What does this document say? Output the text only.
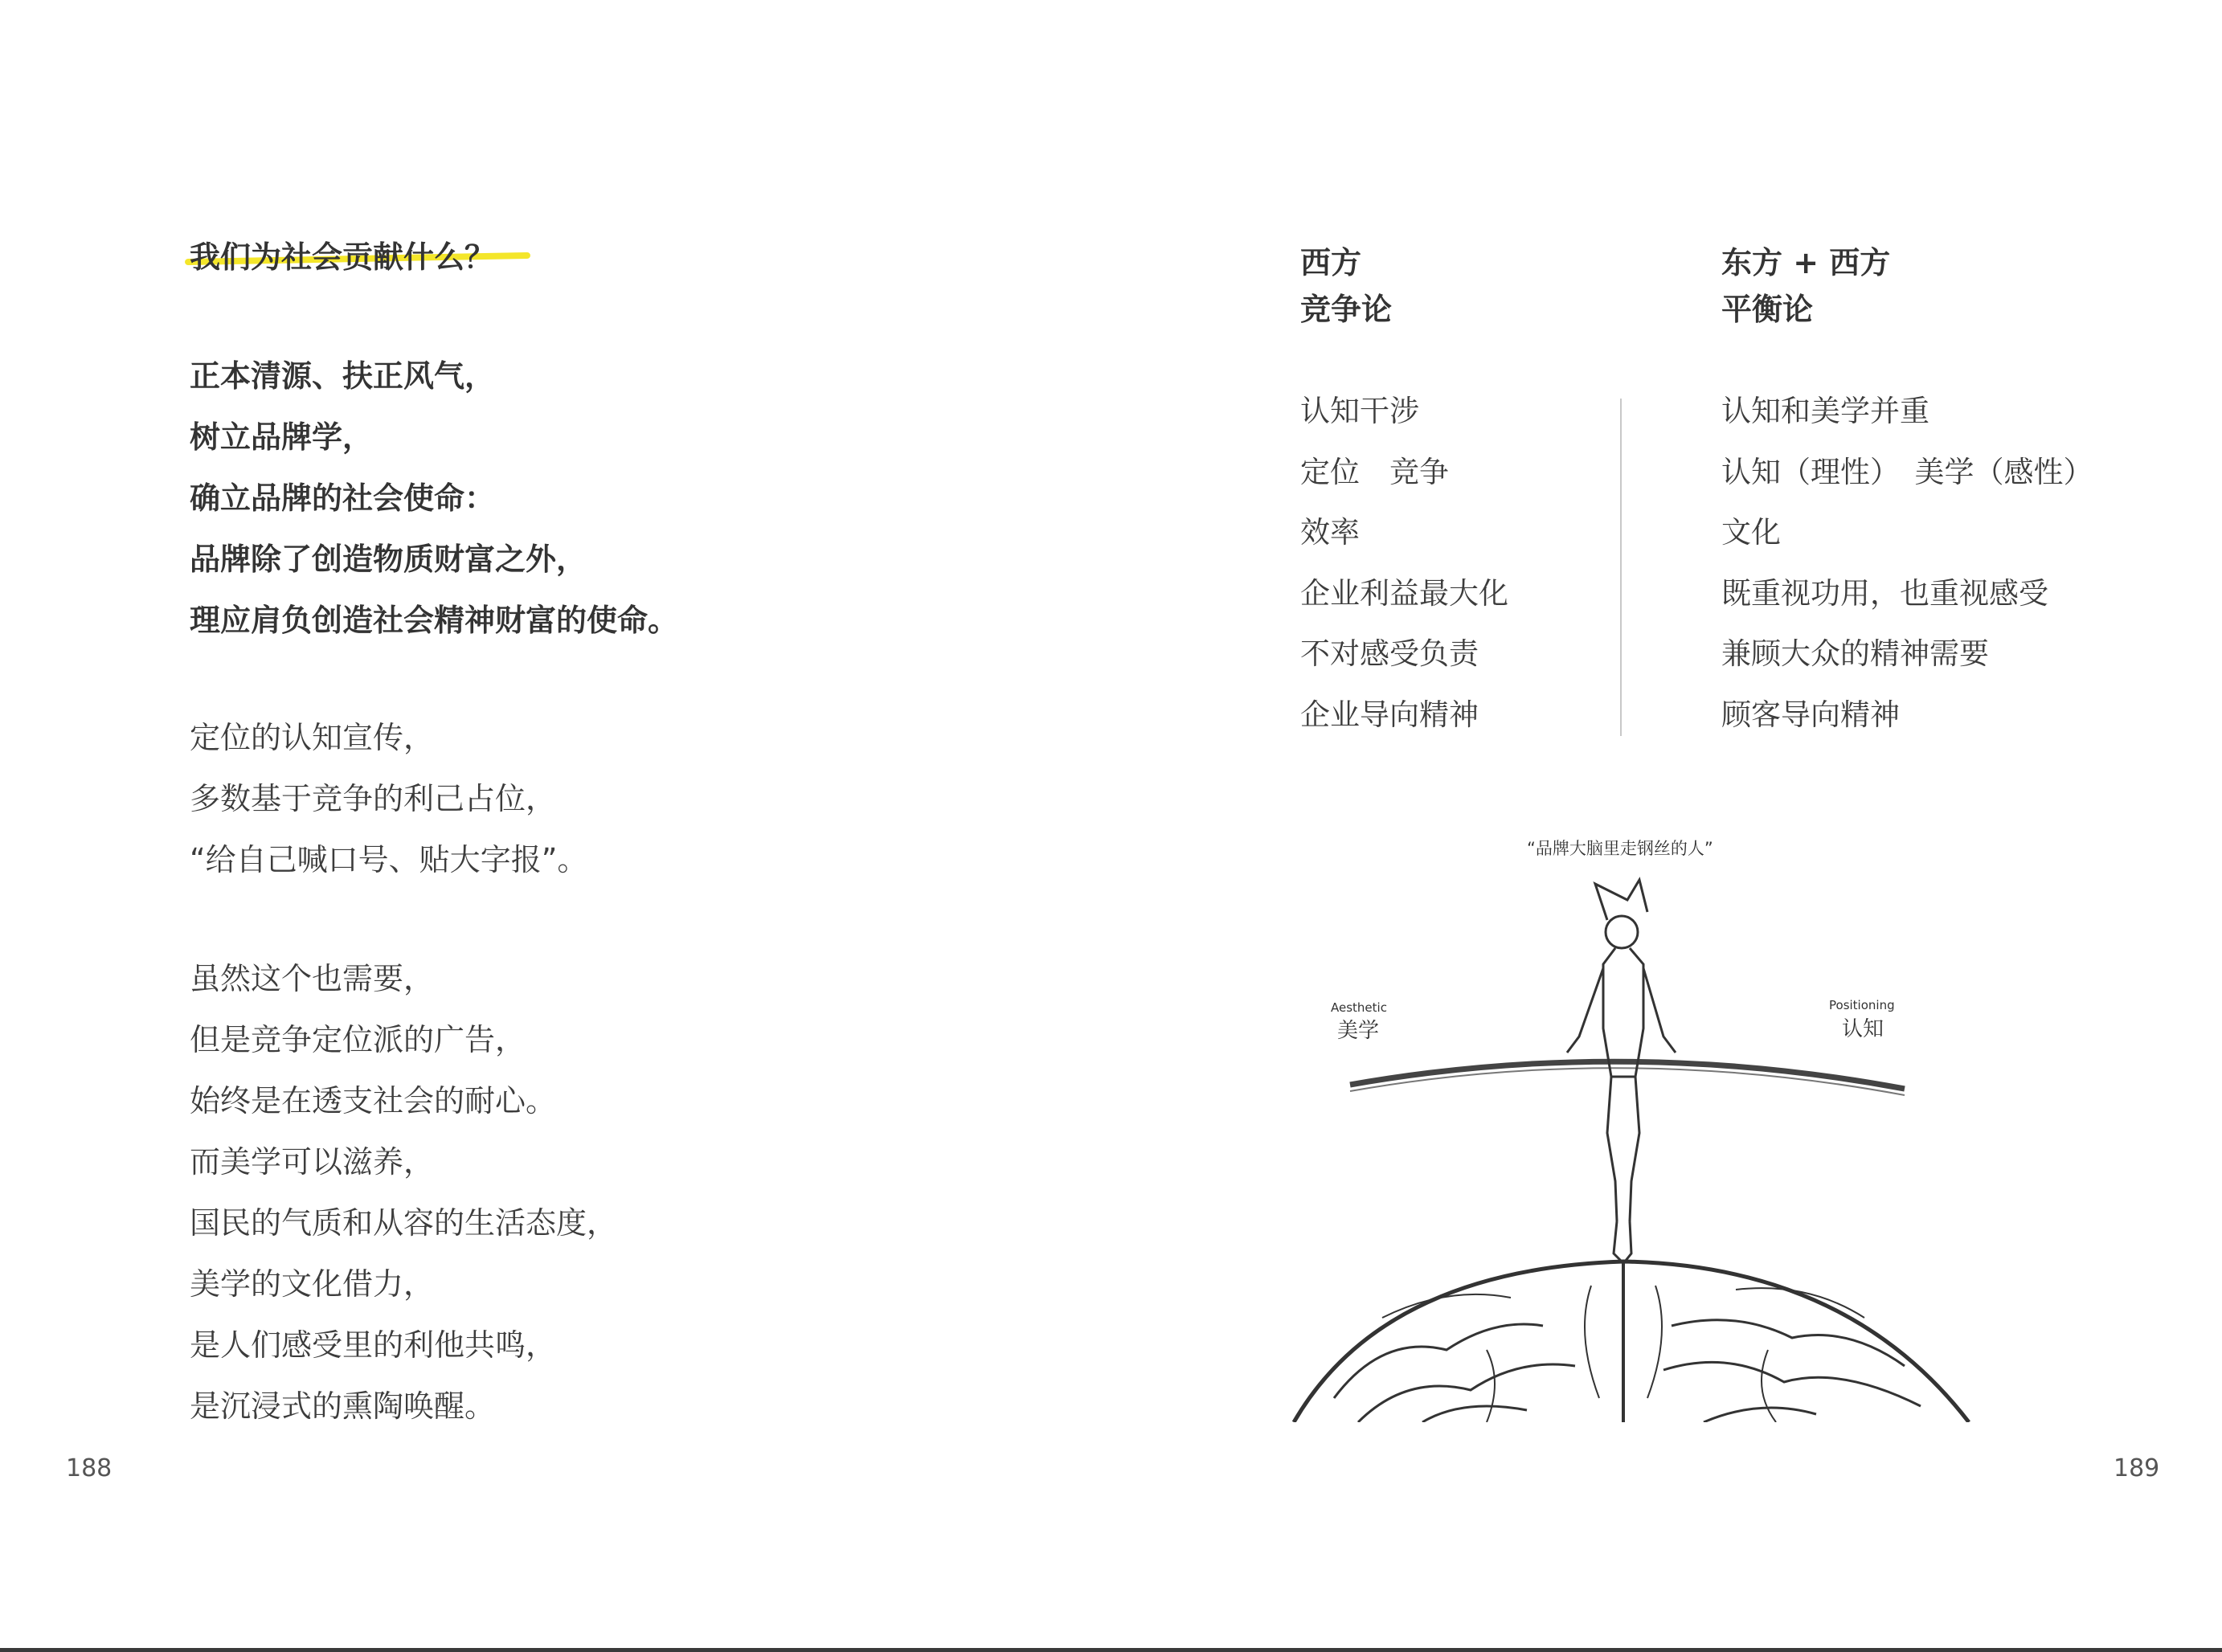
我们为社会贡献什么？
正本清源、扶正风气，
树立品牌学，
确立品牌的社会使命：
品牌除了创造物质财富之外，
理应肩负创造社会精神财富的使命。
定位的认知宣传，
多数基于竞争的利己占位，
“给自己喊口号、贴大字报”。
虽然这个也需要，
但是竞争定位派的广告，
始终是在透支社会的耐心。
而美学可以滋养，
国民的气质和从容的生活态度，
美学的文化借力，
是人们感受里的利他共鸣，
是沉浸式的熏陶唤醒。
188
西方
竞争论
东方 + 西方
平衡论
认知干涉
定位　竞争
效率
企业利益最大化
不对感受负责
企业导向精神
认知和美学并重
认知（理性）　美学（感性）
文化
既重视功用，也重视感受
兼顾大众的精神需要
顾客导向精神
“品牌大脑里走钢丝的人”
Aesthetic
美学
Positioning
认知
189
